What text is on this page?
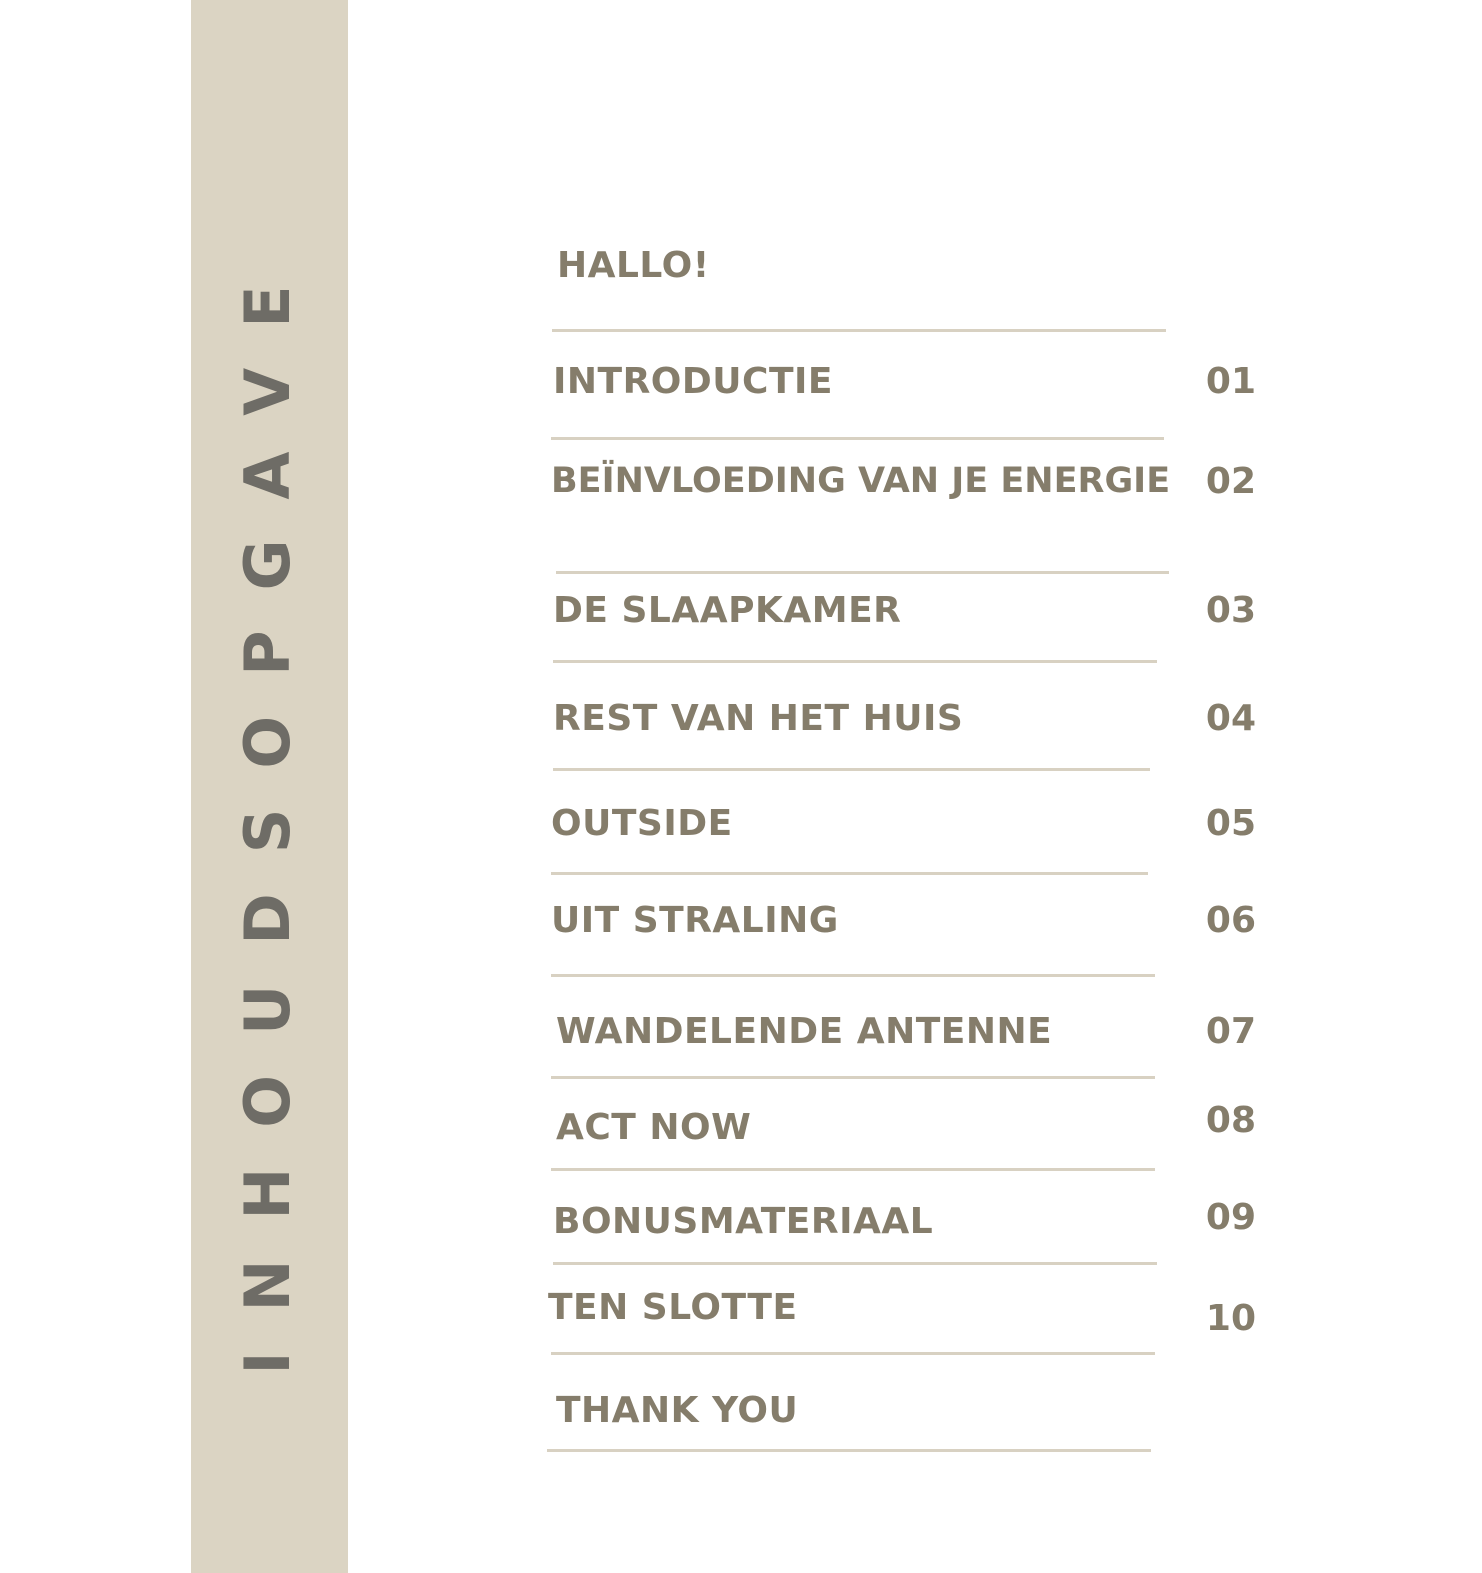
INHOUDSOPGAVE	HALLO!
INTRODUCTIE	01
BEÏNVLOEDING VAN JE ENERGIE 02
DE SLAAPKAMER	03
REST VAN HET HUIS	04
OUTSIDE	05
UIT STRALING	06
WANDELENDE ANTENNE	07
ACT NOW	08
BONUSMATERIAAL	09
TEN SLOTTE	10
THANK YOU
